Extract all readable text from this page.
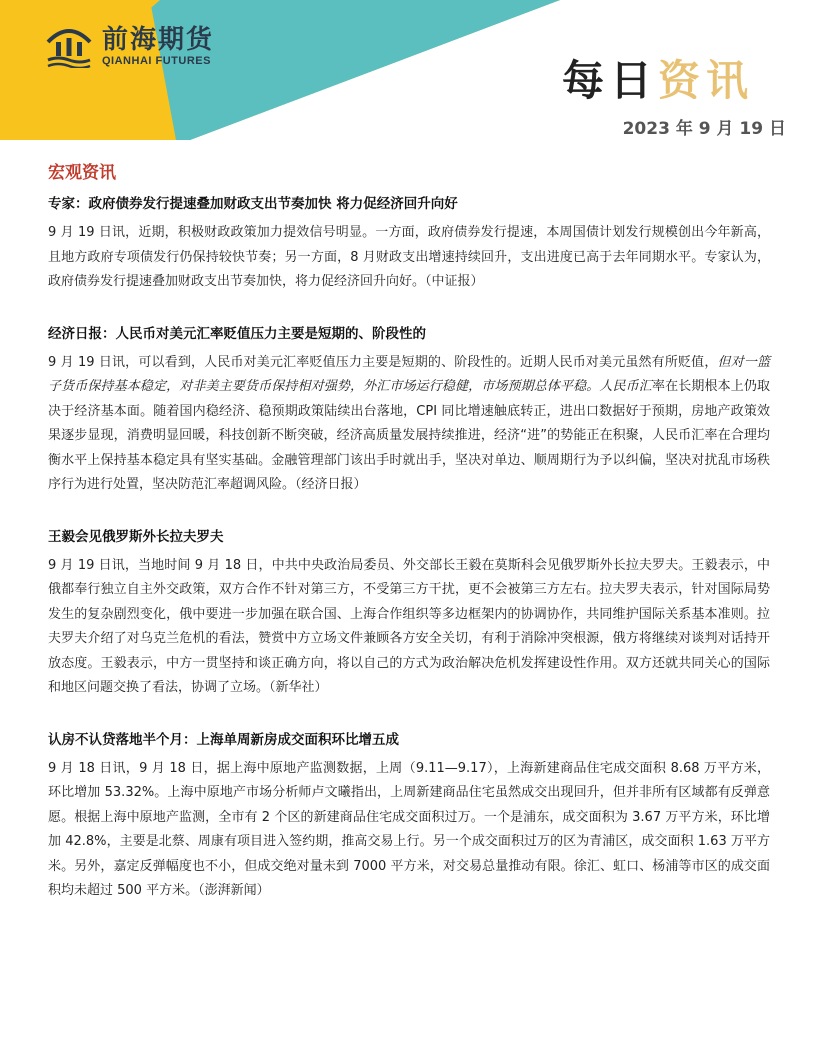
前海期货
QIANHAI FUTURES	每日资讯
2023 年 9 月 19 日
宏观资讯
专家：政府债券发行提速叠加财政支出节奏加快 将力促经济回升向好
9 月 19 日讯，近期，积极财政政策加力提效信号明显。一方面，政府债券发行提速，本周国债计划发行规模创出今年新高，且地方政府专项债发行仍保持较快节奏；另一方面，8 月财政支出增速持续回升，支出进度已高于去年同期水平。专家认为，政府债券发行提速叠加财政支出节奏加快，将力促经济回升向好。（中证报）
经济日报：人民币对美元汇率贬值压力主要是短期的、阶段性的
9 月 19 日讯，可以看到，人民币对美元汇率贬值压力主要是短期的、阶段性的。近期人民币对美元虽然有所贬值，但对一篮子货币保持基本稳定，对非美主要货币保持相对强势，外汇市场运行稳健，市场预期总体平稳。人民币汇率在长期根本上仍取决于经济基本面。随着国内稳经济、稳预期政策陆续出台落地，CPI 同比增速触底转正，进出口数据好于预期，房地产政策效果逐步显现，消费明显回暖，科技创新不断突破，经济高质量发展持续推进，经济“进”的势能正在积聚，人民币汇率在合理均衡水平上保持基本稳定具有坚实基础。金融管理部门该出手时就出手，坚决对单边、顺周期行为予以纠偏，坚决对扰乱市场秩序行为进行处置，坚决防范汇率超调风险。（经济日报）
王毅会见俄罗斯外长拉夫罗夫
9 月 19 日讯，当地时间 9 月 18 日，中共中央政治局委员、外交部长王毅在莫斯科会见俄罗斯外长拉夫罗夫。王毅表示，中俄都奉行独立自主外交政策，双方合作不针对第三方，不受第三方干扰，更不会被第三方左右。拉夫罗夫表示，针对国际局势发生的复杂剧烈变化，俄中要进一步加强在联合国、上海合作组织等多边框架内的协调协作，共同维护国际关系基本准则。拉夫罗夫介绍了对乌克兰危机的看法，赞赏中方立场文件兼顾各方安全关切，有利于消除冲突根源，俄方将继续对谈判对话持开放态度。王毅表示，中方一贯坚持和谈正确方向，将以自己的方式为政治解决危机发挥建设性作用。双方还就共同关心的国际和地区问题交换了看法，协调了立场。（新华社）
认房不认贷落地半个月：上海单周新房成交面积环比增五成
9 月 18 日讯，9 月 18 日，据上海中原地产监测数据，上周（9.11—9.17），上海新建商品住宅成交面积 8.68 万平方米，环比增加 53.32%。上海中原地产市场分析师卢文曦指出，上周新建商品住宅虽然成交出现回升，但并非所有区域都有反弹意愿。根据上海中原地产监测，全市有 2 个区的新建商品住宅成交面积过万。一个是浦东，成交面积为 3.67 万平方米，环比增加 42.8%，主要是北蔡、周康有项目进入签约期，推高交易上行。另一个成交面积过万的区为青浦区，成交面积 1.63 万平方米。另外，嘉定反弹幅度也不小，但成交绝对量未到 7000 平方米，对交易总量推动有限。徐汇、虹口、杨浦等市区的成交面积均未超过 500 平方米。（澎湃新闻）
